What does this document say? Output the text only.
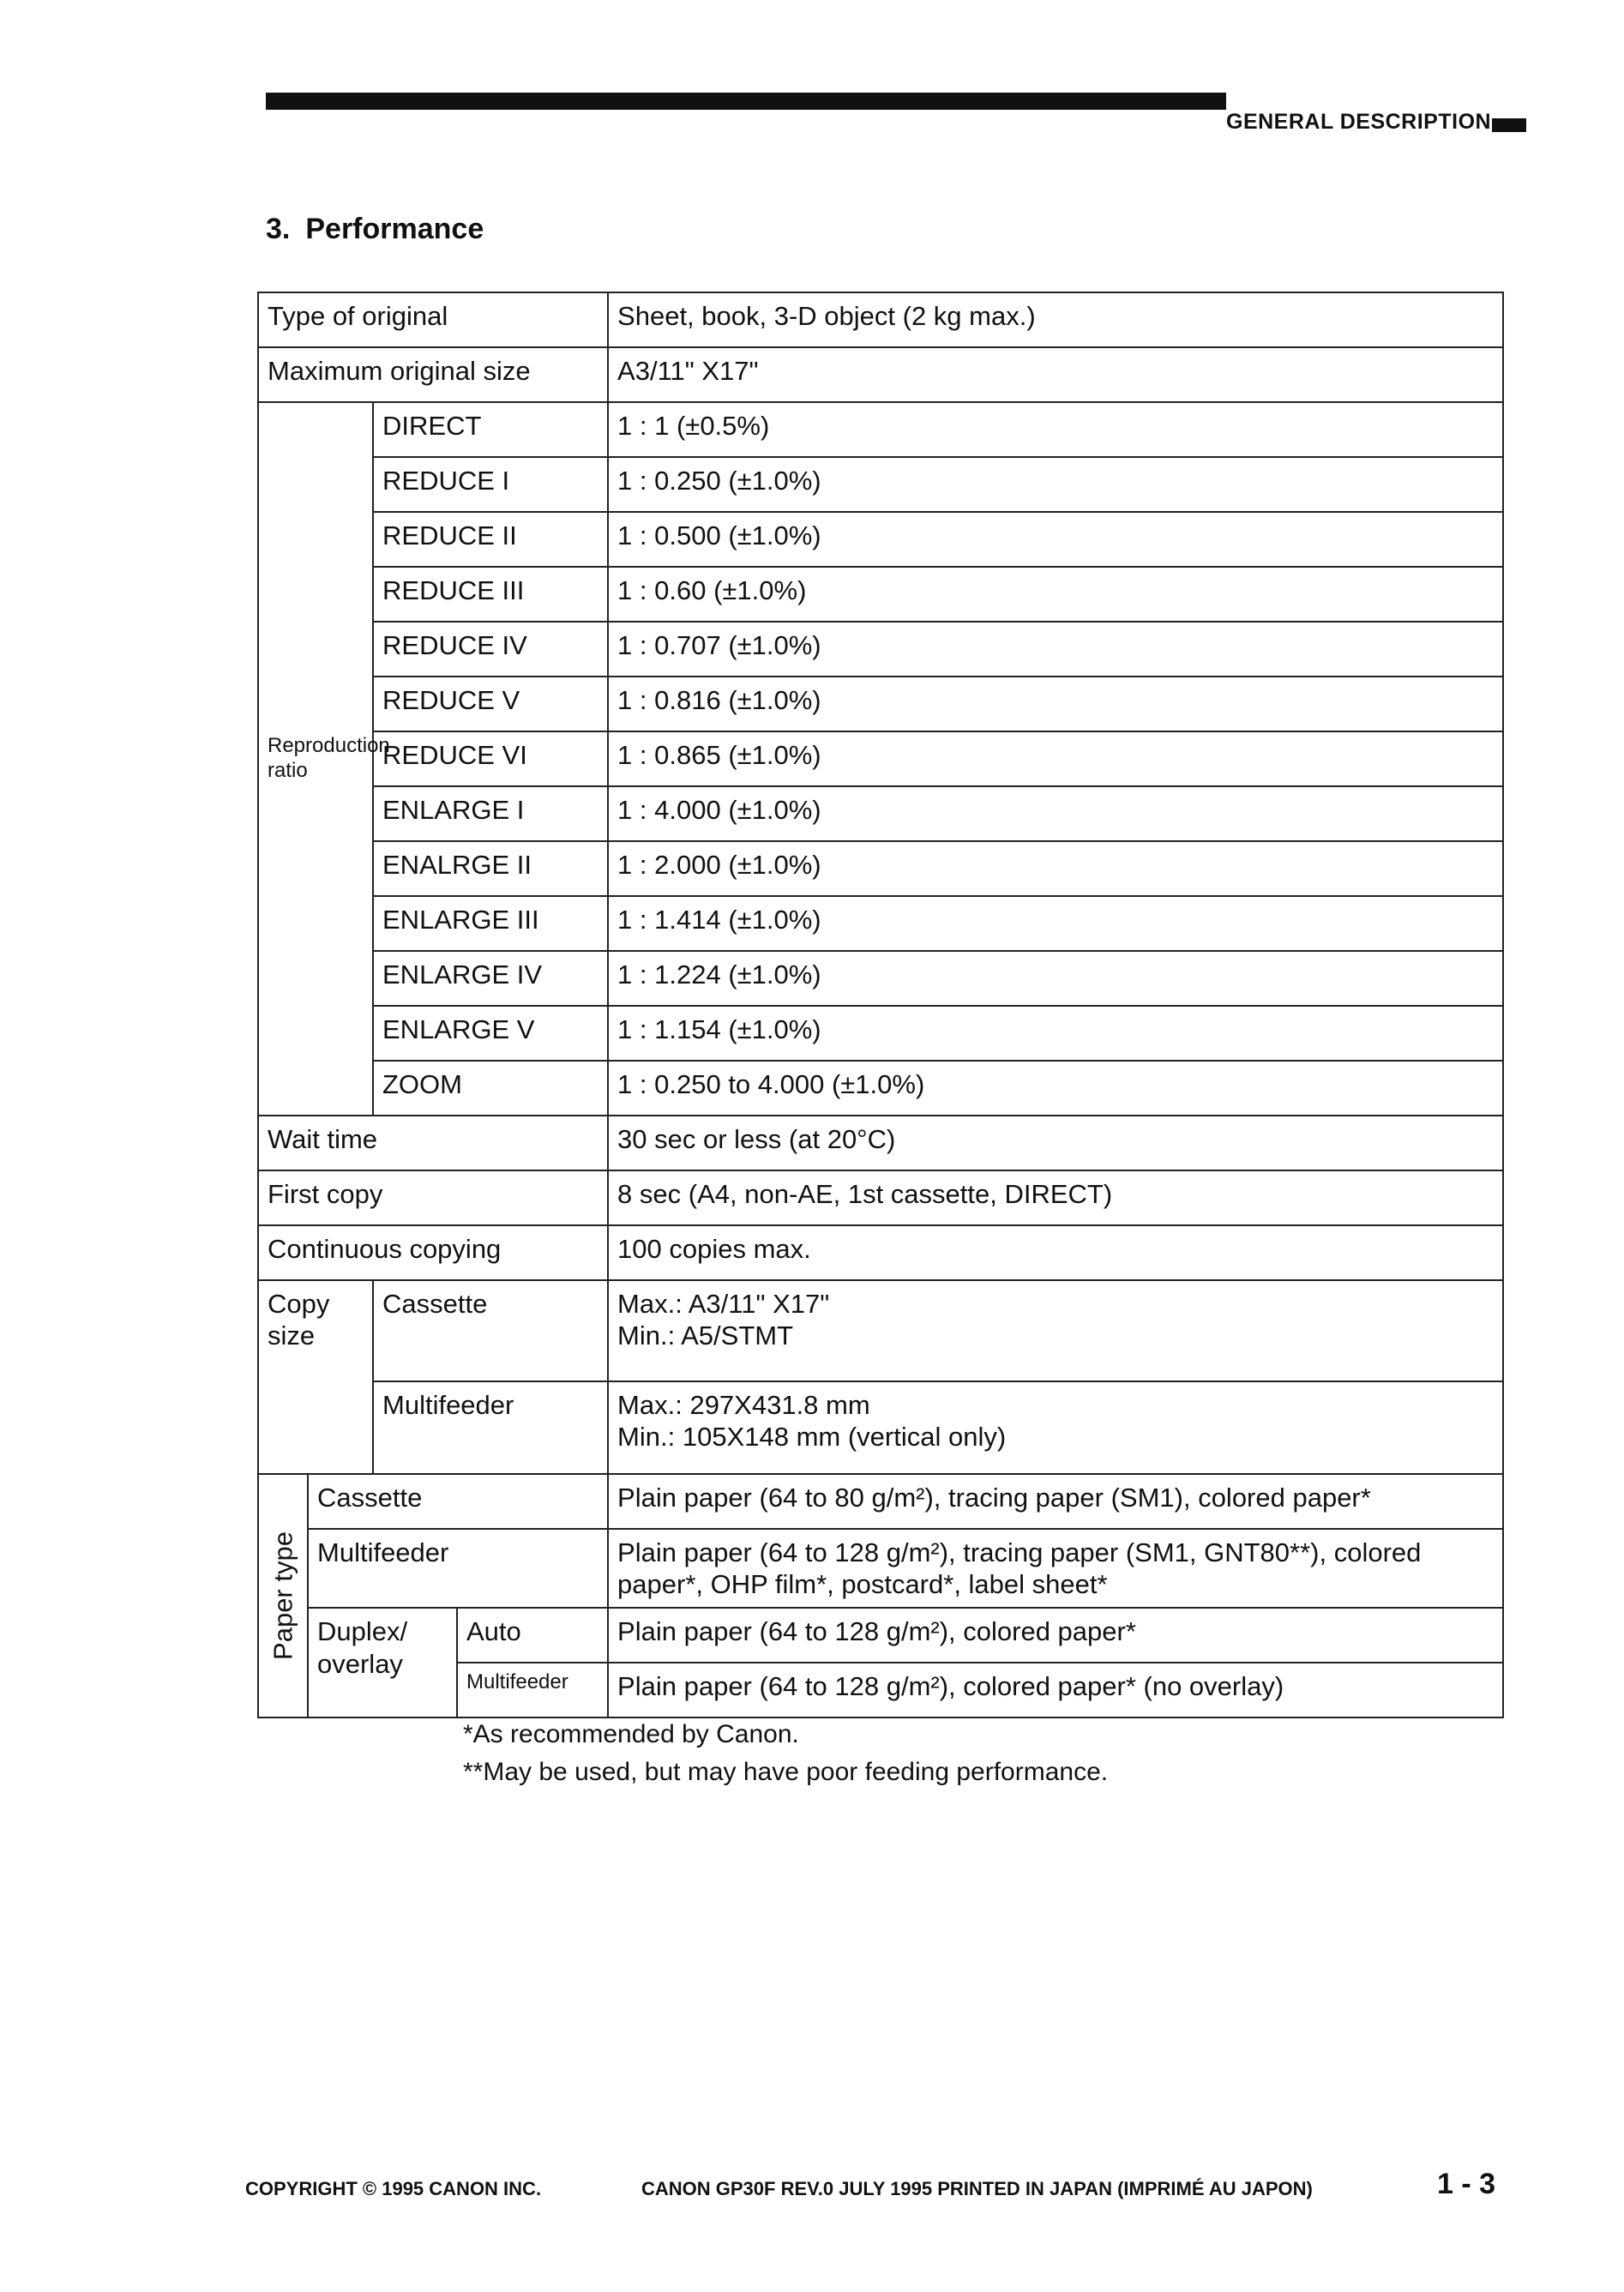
GENERAL DESCRIPTION
3. Performance
Type of original				Sheet, book, 3-D object (2 kg max.)
Maximum original size				A3/11" X17"
Reproduction ratio		DIRECT		1 : 1 (±0.5%)
		REDUCE I		1 : 0.250 (±1.0%)
		REDUCE II		1 : 0.500 (±1.0%)
		REDUCE III		1 : 0.60 (±1.0%)
		REDUCE IV		1 : 0.707 (±1.0%)
		REDUCE V		1 : 0.816 (±1.0%)
		REDUCE VI		1 : 0.865 (±1.0%)
		ENLARGE I		1 : 4.000 (±1.0%)
		ENALRGE II		1 : 2.000 (±1.0%)
		ENLARGE III		1 : 1.414 (±1.0%)
		ENLARGE IV		1 : 1.224 (±1.0%)
		ENLARGE V		1 : 1.154 (±1.0%)
		ZOOM		1 : 0.250 to 4.000 (±1.0%)
Wait time				30 sec or less (at 20°C)
First copy				8 sec (A4, non-AE, 1st cassette, DIRECT)
Continuous copying				100 copies max.
Copy size		Cassette		Max.: A3/11" X17"
Min.: A5/STMT

		Multifeeder		Max.: 297X431.8 mm
Min.: 105X148 mm (vertical only)

Paper type	Cassette			Plain paper (64 to 80 g/m²), tracing paper (SM1), colored paper*
	Multifeeder			Plain paper (64 to 128 g/m²), tracing paper (SM1, GNT80**), colored paper*, OHP film*, postcard*, label sheet*
	Duplex/ overlay		Auto	Plain paper (64 to 128 g/m²), colored paper*
			Multifeeder	Plain paper (64 to 128 g/m²), colored paper* (no overlay)
*As recommended by Canon.
**May be used, but may have poor feeding performance.
COPYRIGHT © 1995 CANON INC.	CANON GP30F REV.0 JULY 1995 PRINTED IN JAPAN (IMPRIMÉ AU JAPON)	1 - 3
